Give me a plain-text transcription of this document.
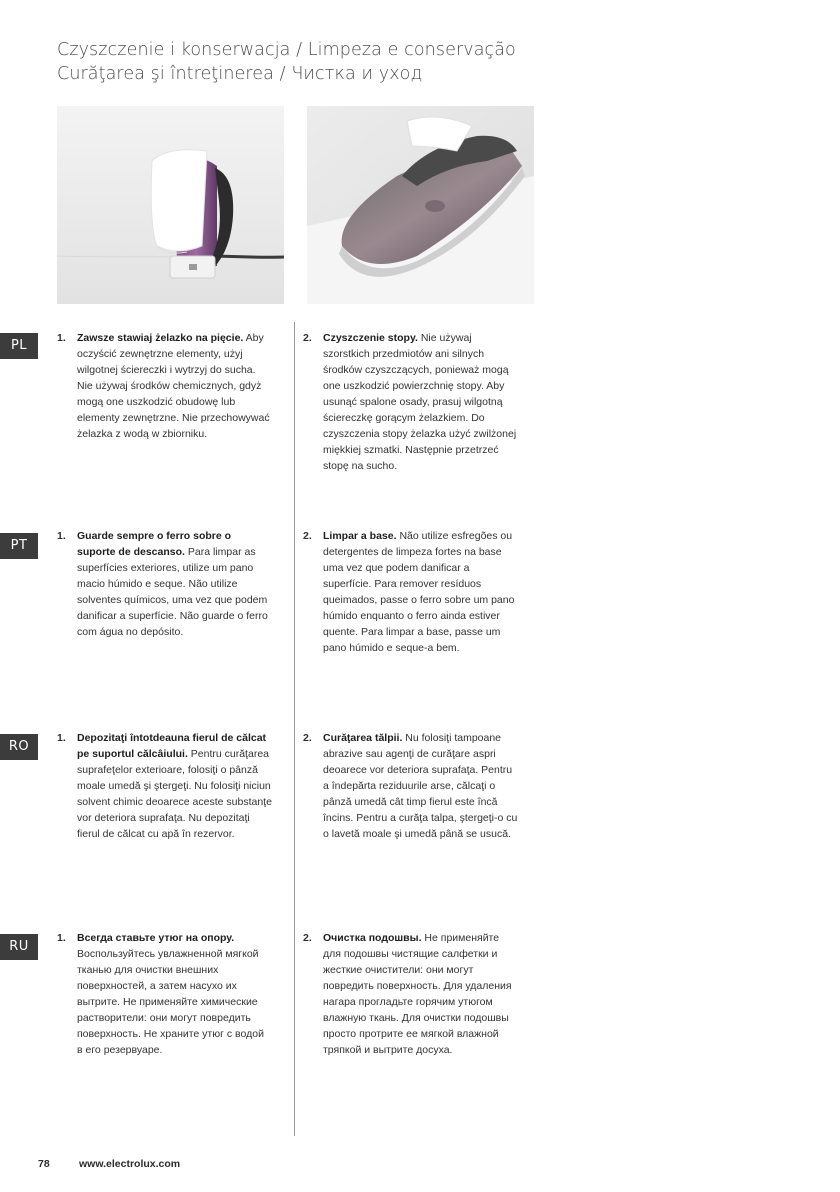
Czyszczenie i konserwacja / Limpeza e conservação
Curăţarea şi întreţinerea / Чистка и уход
PL	1. Zawsze stawiaj żelazko na pięcie. Aby oczyścić zewnętrzne elementy, użyj wilgotnej ściereczki i wytrzyj do sucha. Nie używaj środków chemicznych, gdyż mogą one uszkodzić obudowę lub elementy zewnętrzne. Nie przechowywać żelazka z wodą w zbiorniku.
2. Czyszczenie stopy. Nie używaj szorstkich przedmiotów ani silnych środków czyszczących, ponieważ mogą one uszkodzić powierzchnię stopy. Aby usunąć spalone osady, prasuj wilgotną ściereczkę gorącym żelazkiem. Do czyszczenia stopy żelazka użyć zwilżonej miękkiej szmatki. Następnie przetrzeć stopę na sucho.
PT
1. Guarde sempre o ferro sobre o suporte de descanso. Para limpar as superfícies exteriores, utilize um pano macio húmido e seque. Não utilize solventes químicos, uma vez que podem danificar a superfície. Não guarde o ferro com água no depósito.
2. Limpar a base. Não utilize esfregões ou detergentes de limpeza fortes na base uma vez que podem danificar a superfície. Para remover resíduos queimados, passe o ferro sobre um pano húmido enquanto o ferro ainda estiver quente. Para limpar a base, passe um pano húmido e seque-a bem.
RO
1. Depozitaţi întotdeauna fierul de călcat pe suportul călcâiului. Pentru curăţarea suprafeţelor exterioare, folosiţi o pânză moale umedă şi ştergeţi. Nu folosiţi niciun solvent chimic deoarece aceste substanţe vor deteriora suprafaţa. Nu depozitaţi fierul de călcat cu apă în rezervor.
2. Curăţarea tălpii. Nu folosiţi tampoane abrazive sau agenţi de curăţare aspri deoarece vor deteriora suprafaţa. Pentru a îndepărta reziduurile arse, călcaţi o pânză umedă cât timp fierul este încă încins. Pentru a curăţa talpa, ştergeţi-o cu o lavetă moale şi umedă până se usucă.
RU
1. Всегда ставьте утюг на опору. Воспользуйтесь увлажненной мягкой тканью для очистки внешних поверхностей, а затем насухо их вытрите. Не применяйте химические растворители: они могут повредить поверхность. Не храните утюг с водой в его резервуаре.
2. Очистка подошвы. Не применяйте для подошвы чистящие салфетки и жесткие очистители: они могут повредить поверхность. Для удаления нагара прогладьте горячим утюгом влажную ткань. Для очистки подошвы просто протрите ее мягкой влажной тряпкой и вытрите досуха.
78	www.electrolux.com
